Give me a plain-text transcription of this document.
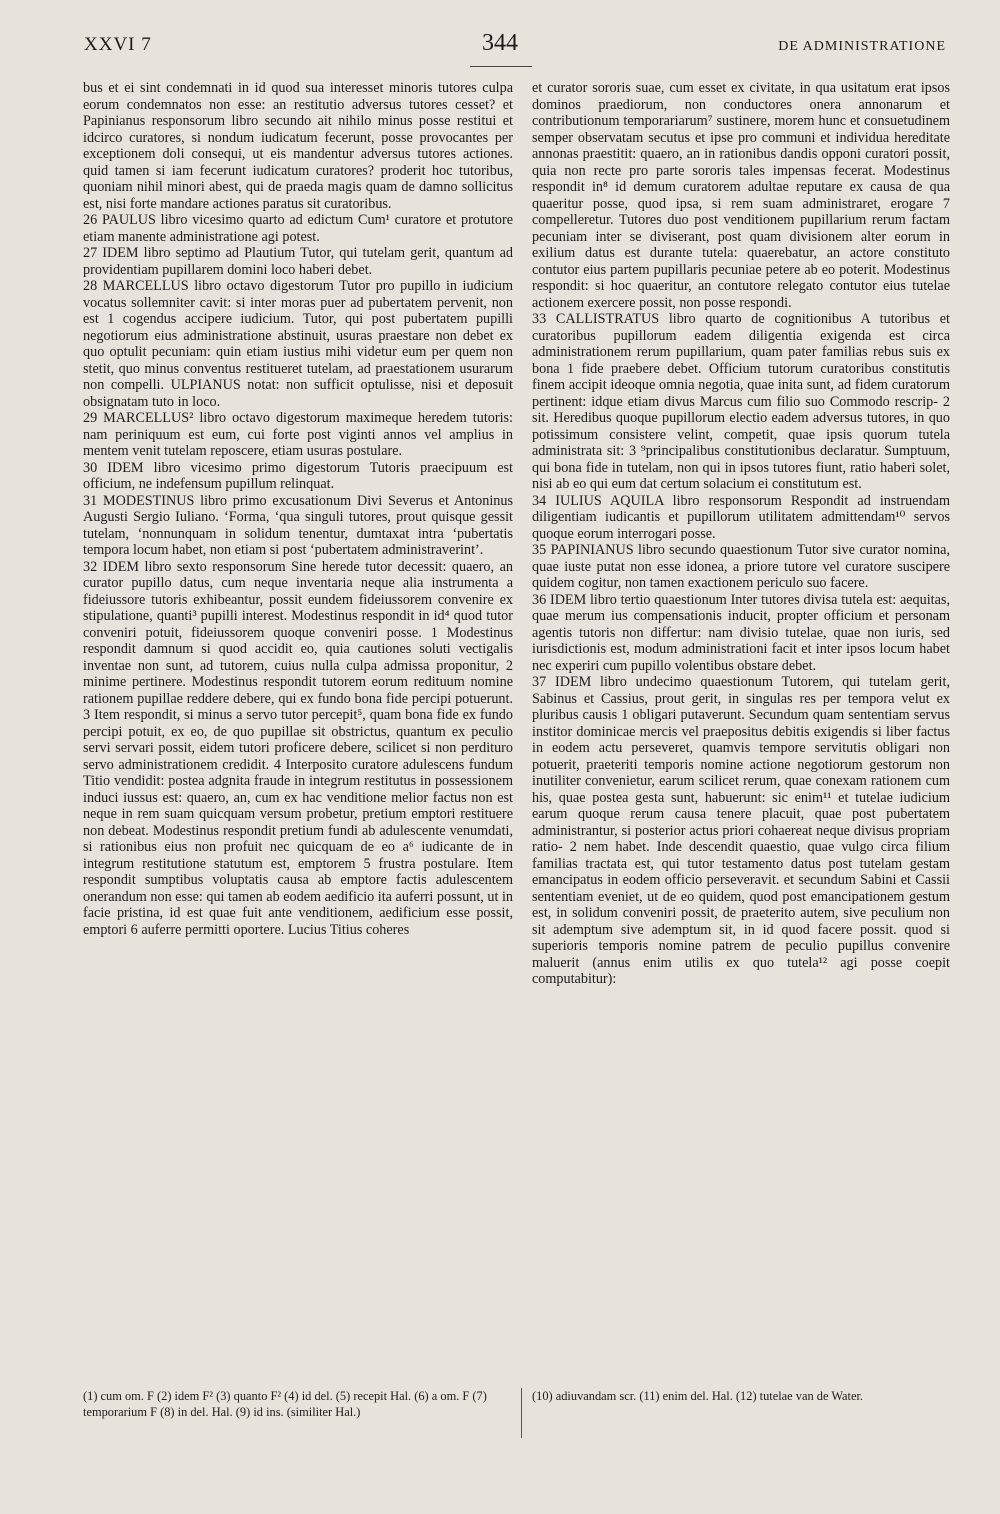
XXVI 7	344	DE ADMINISTRATIONE

bus et ei sint condemnati in id quod sua interesset minoris tutores culpa eorum condemnatos non esse: an restitutio adversus tutores cesset? et Papinianus responsorum libro secundo ait nihilo minus posse restitui et idcirco curatores, si nondum iudicatum fecerunt, posse provocantes per exceptionem doli consequi, ut eis mandentur adversus tutores actiones. quid tamen si iam fecerunt iudicatum curatores? proderit hoc tutoribus, quoniam nihil minori abest, qui de praeda magis quam de damno sollicitus est, nisi forte mandare actiones paratus sit curatoribus.

26 PAULUS libro vicesimo quarto ad edictum Cum¹ curatore et protutore etiam manente administratione agi potest.

27 IDEM libro septimo ad Plautium Tutor, qui tutelam gerit, quantum ad providentiam pupillarem domini loco haberi debet.

28 MARCELLUS libro octavo digestorum Tutor pro pupillo in iudicium vocatus sollemniter cavit: si inter moras puer ad pubertatem pervenit, non est 1 cogendus accipere iudicium. Tutor, qui post pubertatem pupilli negotiorum eius administratione abstinuit, usuras praestare non debet ex quo optulit pecuniam: quin etiam iustius mihi videtur eum per quem non stetit, quo minus conventus restitueret tutelam, ad praestationem usurarum non compelli. ULPIANUS notat: non sufficit optulisse, nisi et deposuit obsignatam tuto in loco.

29 MARCELLUS² libro octavo digestorum maximeque heredem tutoris: nam periniquum est eum, cui forte post viginti annos vel amplius in mentem venit tutelam reposcere, etiam usuras postulare.

30 IDEM libro vicesimo primo digestorum Tutoris praecipuum est officium, ne indefensum pupillum relinquat.

31 MODESTINUS libro primo excusationum Divi Severus et Antoninus Augusti Sergio Iuliano. ‘Forma, ‘qua singuli tutores, prout quisque gessit tutelam, ‘nonnunquam in solidum tenentur, dumtaxat intra ‘pubertatis tempora locum habet, non etiam si post ‘pubertatem administraverint’.

32 IDEM libro sexto responsorum Sine herede tutor decessit: quaero, an curator pupillo datus, cum neque inventaria neque alia instrumenta a fideiussore tutoris exhibeantur, possit eundem fideiussorem convenire ex stipulatione, quanti³ pupilli interest. Modestinus respondit in id⁴ quod tutor conveniri potuit, fideiussorem quoque conveniri posse. 1 Modestinus respondit damnum si quod accidit eo, quia cautiones soluti vectigalis inventae non sunt, ad tutorem, cuius nulla culpa admissa proponitur, 2 minime pertinere. Modestinus respondit tutorem eorum redituum nomine rationem pupillae reddere debere, qui ex fundo bona fide percipi potuerunt. 3 Item respondit, si minus a servo tutor percepit⁵, quam bona fide ex fundo percipi potuit, ex eo, de quo pupillae sit obstrictus, quantum ex peculio servi servari possit, eidem tutori proficere debere, scilicet si non perdituro servo administrationem credidit. 4 Interposito curatore adulescens fundum Titio vendidit: postea adgnita fraude in integrum restitutus in possessionem induci iussus est: quaero, an, cum ex hac venditione melior factus non est neque in rem suam quicquam versum probetur, pretium emptori restituere non debeat. Modestinus respondit pretium fundi ab adulescente venumdati, si rationibus eius non profuit nec quicquam de eo a⁶ iudicante de in integrum restitutione statutum est, emptorem 5 frustra postulare. Item respondit sumptibus voluptatis causa ab emptore factis adulescentem onerandum non esse: qui tamen ab eodem aedificio ita auferri possunt, ut in facie pristina, id est quae fuit ante venditionem, aedificium esse possit, emptori 6 auferre permitti oportere. Lucius Titius coheres

et curator sororis suae, cum esset ex civitate, in qua usitatum erat ipsos dominos praediorum, non conductores onera annonarum et contributionum temporariarum⁷ sustinere, morem hunc et consuetudinem semper observatam secutus et ipse pro communi et individua hereditate annonas praestitit: quaero, an in rationibus dandis opponi curatori possit, quia non recte pro parte sororis tales impensas fecerat. Modestinus respondit in⁸ id demum curatorem adultae reputare ex causa de qua quaeritur posse, quod ipsa, si rem suam administraret, erogare 7 compelleretur. Tutores duo post venditionem pupillarium rerum factam pecuniam inter se diviserant, post quam divisionem alter eorum in exilium datus est durante tutela: quaerebatur, an actore constituto contutor eius partem pupillaris pecuniae petere ab eo poterit. Modestinus respondit: si hoc quaeritur, an contutore relegato contutor eius tutelae actionem exercere possit, non posse respondi.

33 CALLISTRATUS libro quarto de cognitionibus A tutoribus et curatoribus pupillorum eadem diligentia exigenda est circa administrationem rerum pupillarium, quam pater familias rebus suis ex bona 1 fide praebere debet. Officium tutorum curatoribus constitutis finem accipit ideoque omnia negotia, quae inita sunt, ad fidem curatorum pertinent: idque etiam divus Marcus cum filio suo Commodo rescrip- 2 sit. Heredibus quoque pupillorum electio eadem adversus tutores, in quo potissimum consistere velint, competit, quae ipsis quorum tutela administrata sit: 3 ⁹principalibus constitutionibus declaratur. Sumptuum, qui bona fide in tutelam, non qui in ipsos tutores fiunt, ratio haberi solet, nisi ab eo qui eum dat certum solacium ei constitutum est.

34 IULIUS AQUILA libro responsorum Respondit ad instruendam diligentiam iudicantis et pupillorum utilitatem admittendam¹⁰ servos quoque eorum interrogari posse.

35 PAPINIANUS libro secundo quaestionum Tutor sive curator nomina, quae iuste putat non esse idonea, a priore tutore vel curatore suscipere quidem cogitur, non tamen exactionem periculo suo facere.

36 IDEM libro tertio quaestionum Inter tutores divisa tutela est: aequitas, quae merum ius compensationis inducit, propter officium et personam agentis tutoris non differtur: nam divisio tutelae, quae non iuris, sed iurisdictionis est, modum administrationi facit et inter ipsos locum habet nec experiri cum pupillo volentibus obstare debet.

37 IDEM libro undecimo quaestionum Tutorem, qui tutelam gerit, Sabinus et Cassius, prout gerit, in singulas res per tempora velut ex pluribus causis 1 obligari putaverunt. Secundum quam sententiam servus institor dominicae mercis vel praepositus debitis exigendis si liber factus in eodem actu perseveret, quamvis tempore servitutis obligari non potuerit, praeteriti temporis nomine actione negotiorum gestorum non inutiliter convenietur, earum scilicet rerum, quae conexam rationem cum his, quae postea gesta sunt, habuerunt: sic enim¹¹ et tutelae iudicium earum quoque rerum causa tenere placuit, quae post pubertatem administrantur, si posterior actus priori cohaereat neque divisus propriam ratio- 2 nem habet. Inde descendit quaestio, quae vulgo circa filium familias tractata est, qui tutor testamento datus post tutelam gestam emancipatus in eodem officio perseveravit. et secundum Sabini et Cassii sententiam eveniet, ut de eo quidem, quod post emancipationem gestum est, in solidum conveniri possit, de praeterito autem, sive peculium non sit ademptum sive ademptum sit, in id quod facere possit. quod si superioris temporis nomine patrem de peculio pupillus convenire maluerit (annus enim utilis ex quo tutela¹² agi posse coepit computabitur):

(1) cum om. F (2) idem F² (3) quanto F² (4) id del. (5) recepit Hal. (6) a om. F (7) temporarium F (8) in del. Hal. (9) id ins. (similiter Hal.)
(10) adiuvandam scr. (11) enim del. Hal. (12) tutelae van de Water.
